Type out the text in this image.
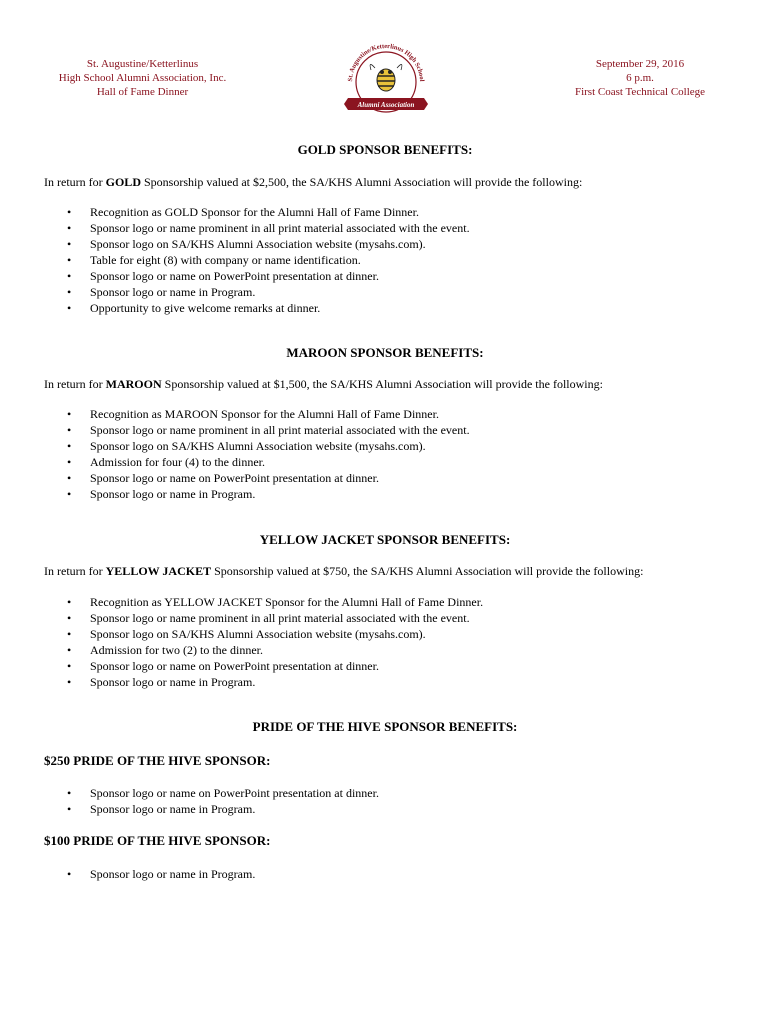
St. Augustine/Ketterlinus
High School Alumni Association, Inc.
Hall of Fame Dinner
St. Augustine/Ketterlinus High School
Alumni Association
September 29, 2016
6 p.m.
First Coast Technical College
GOLD SPONSOR BENEFITS:

In return for GOLD Sponsorship valued at $2,500, the SA/KHS Alumni Association will provide the following:

• Recognition as GOLD Sponsor for the Alumni Hall of Fame Dinner.
• Sponsor logo or name prominent in all print material associated with the event.
• Sponsor logo on SA/KHS Alumni Association website (mysahs.com).
• Table for eight (8) with company or name identification.
• Sponsor logo or name on PowerPoint presentation at dinner.
• Sponsor logo or name in Program.
• Opportunity to give welcome remarks at dinner.
MAROON SPONSOR BENEFITS:

In return for MAROON Sponsorship valued at $1,500, the SA/KHS Alumni Association will provide the following:

• Recognition as MAROON Sponsor for the Alumni Hall of Fame Dinner.
• Sponsor logo or name prominent in all print material associated with the event.
• Sponsor logo on SA/KHS Alumni Association website (mysahs.com).
• Admission for four (4) to the dinner.
• Sponsor logo or name on PowerPoint presentation at dinner.
• Sponsor logo or name in Program.
YELLOW JACKET SPONSOR BENEFITS:

In return for YELLOW JACKET Sponsorship valued at $750, the SA/KHS Alumni Association will provide the following:

• Recognition as YELLOW JACKET Sponsor for the Alumni Hall of Fame Dinner.
• Sponsor logo or name prominent in all print material associated with the event.
• Sponsor logo on SA/KHS Alumni Association website (mysahs.com).
• Admission for two (2) to the dinner.
• Sponsor logo or name on PowerPoint presentation at dinner.
• Sponsor logo or name in Program.
PRIDE OF THE HIVE SPONSOR BENEFITS:
$250 PRIDE OF THE HIVE SPONSOR:
• Sponsor logo or name on PowerPoint presentation at dinner.
• Sponsor logo or name in Program.
$100 PRIDE OF THE HIVE SPONSOR:
• Sponsor logo or name in Program.
